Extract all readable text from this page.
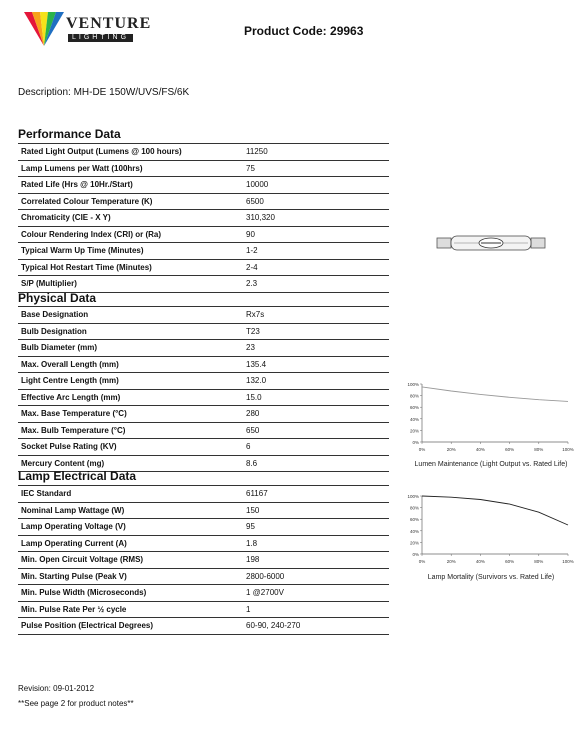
VENTURE
LIGHTING	Product Code: 29963
Description: MH-DE 150W/UVS/FS/6K
Performance Data
Rated Light Output (Lumens @ 100 hours)	11250
Lamp Lumens per Watt (100hrs)	75
Rated Life (Hrs @ 10Hr./Start)	10000
Correlated Colour Temperature (K)	6500
Chromaticity (CIE - X Y)	310,320
Colour Rendering Index (CRI) or (Ra)	90
Typical Warm Up Time (Minutes)	1-2
Typical Hot Restart Time (Minutes)	2-4
S/P (Multiplier)	2.3
Physical Data
Base Designation	Rx7s
Bulb Designation	T23
Bulb Diameter (mm)	23
Max. Overall Length (mm)	135.4
Light Centre Length (mm)	132.0
Effective Arc Length (mm)	15.0
Max. Base Temperature (°C)	280
Max. Bulb Temperature (°C)	650
Socket Pulse Rating (KV)	6
Mercury Content (mg)	8.6
Lamp Electrical Data
IEC Standard	61167
Nominal Lamp Wattage (W)	150
Lamp Operating Voltage (V)	95
Lamp Operating Current (A)	1.8
Min. Open Circuit Voltage (RMS)	198
Min. Starting Pulse (Peak V)	2800-6000
Min. Pulse Width (Microseconds)	1 @2700V
Min. Pulse Rate Per ½ cycle	1
Pulse Position (Electrical Degrees)	60-90, 240-270
0%
20%
40%
60%
80%
100%
0%	20%	40%	60%	80%	100%
Lumen Maintenance (Light Output vs. Rated Life)
0%
20%
40%
60%
80%
100%
0%	20%	40%	60%	80%	100%
Lamp Mortality (Survivors vs. Rated Life)
Revision: 09-01-2012
**See page 2 for product notes**
